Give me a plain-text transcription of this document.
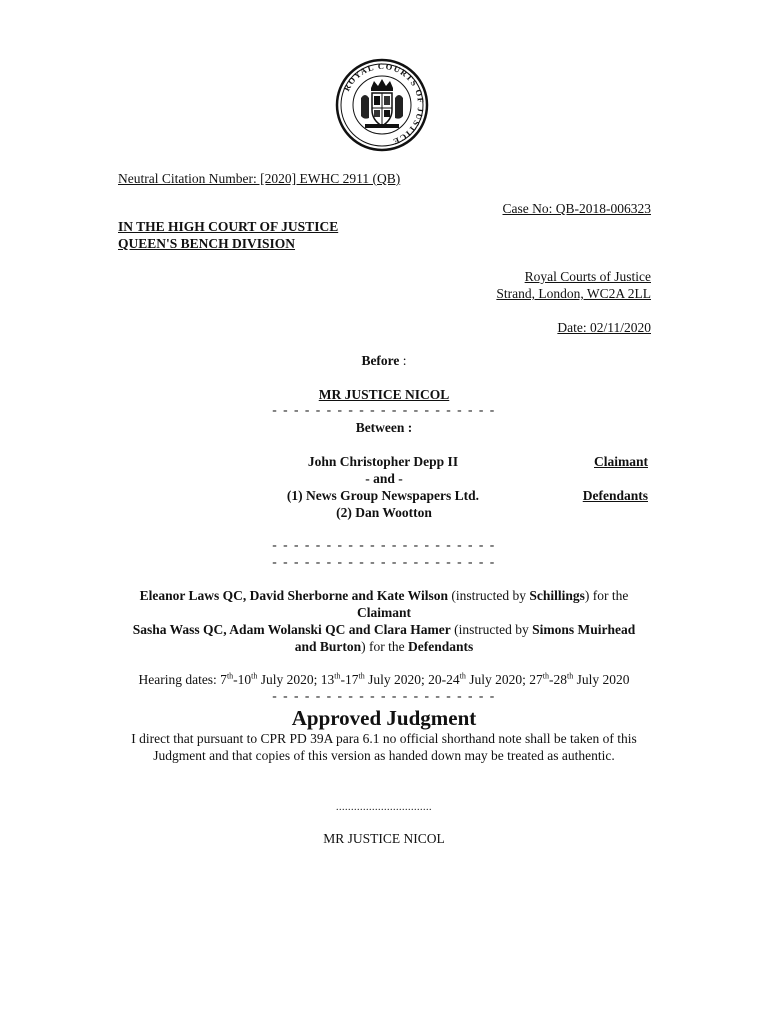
ROYAL COURTS OF JUSTICE
Neutral Citation Number: [2020] EWHC 2911 (QB)
Case No: QB-2018-006323
IN THE HIGH COURT OF JUSTICE
QUEEN'S BENCH DIVISION
Royal Courts of Justice
Strand, London, WC2A 2LL
Date: 02/11/2020
Before :
MR JUSTICE NICOL
- - - - - - - - - - - - - - - - - - - - -
Between :
John Christopher Depp II	Claimant
- and -
(1) News Group Newspapers Ltd.	Defendants
(2) Dan Wootton
- - - - - - - - - - - - - - - - - - - - -
- - - - - - - - - - - - - - - - - - - - -
Eleanor Laws QC, David Sherborne and Kate Wilson (instructed by Schillings) for the
Claimant
Sasha Wass QC, Adam Wolanski QC and Clara Hamer (instructed by Simons Muirhead
and Burton) for the Defendants
Hearing dates: 7th-10th July 2020; 13th-17th July 2020; 20-24th July 2020; 27th-28th July 2020
- - - - - - - - - - - - - - - - - - - - -
Approved Judgment
I direct that pursuant to CPR PD 39A para 6.1 no official shorthand note shall be taken of this
Judgment and that copies of this version as handed down may be treated as authentic.
................................
MR JUSTICE NICOL
